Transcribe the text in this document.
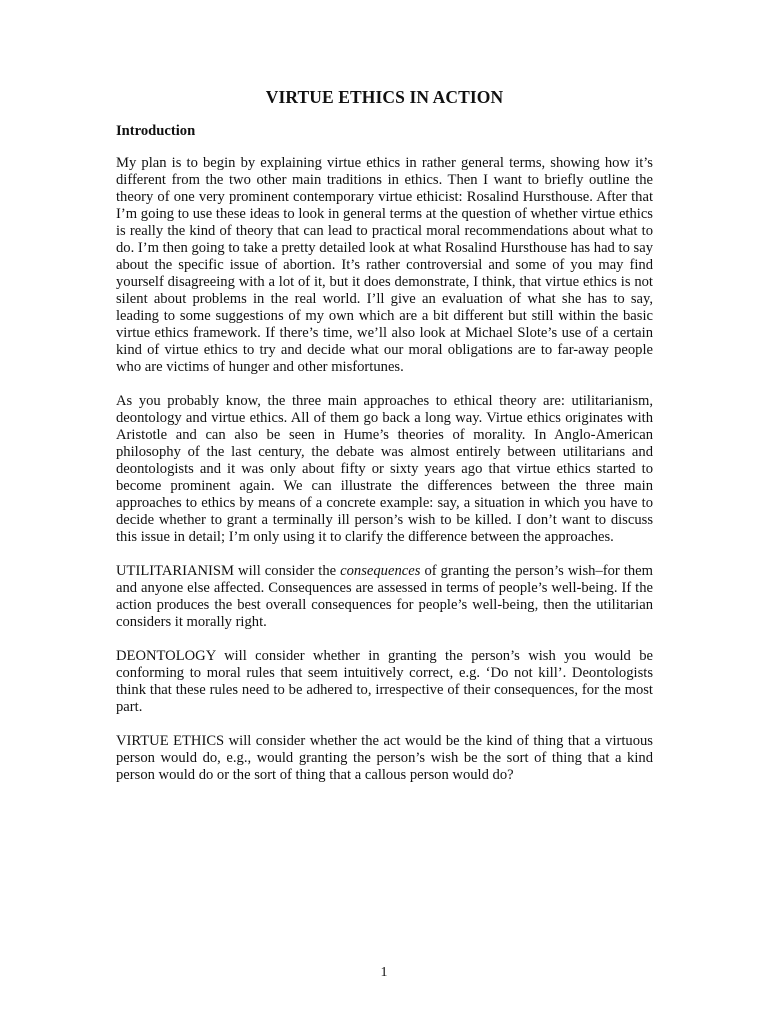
VIRTUE ETHICS IN ACTION
Introduction

My plan is to begin by explaining virtue ethics in rather general terms, showing how it’s different from the two other main traditions in ethics. Then I want to briefly outline the theory of one very prominent contemporary virtue ethicist: Rosalind Hursthouse. After that I’m going to use these ideas to look in general terms at the question of whether virtue ethics is really the kind of theory that can lead to practical moral recommendations about what to do. I’m then going to take a pretty detailed look at what Rosalind Hursthouse has had to say about the specific issue of abortion. It’s rather controversial and some of you may find yourself disagreeing with a lot of it, but it does demonstrate, I think, that virtue ethics is not silent about problems in the real world. I’ll give an evaluation of what she has to say, leading to some suggestions of my own which are a bit different but still within the basic virtue ethics framework. If there’s time, we’ll also look at Michael Slote’s use of a certain kind of virtue ethics to try and decide what our moral obligations are to far-away people who are victims of hunger and other misfortunes.

As you probably know, the three main approaches to ethical theory are: utilitarianism, deontology and virtue ethics. All of them go back a long way. Virtue ethics originates with Aristotle and can also be seen in Hume’s theories of morality. In Anglo-American philosophy of the last century, the debate was almost entirely between utilitarians and deontologists and it was only about fifty or sixty years ago that virtue ethics started to become prominent again. We can illustrate the differences between the three main approaches to ethics by means of a concrete example: say, a situation in which you have to decide whether to grant a terminally ill person’s wish to be killed. I don’t want to discuss this issue in detail; I’m only using it to clarify the difference between the approaches.

UTILITARIANISM will consider the consequences of granting the person’s wish–for them and anyone else affected. Consequences are assessed in terms of people’s well-being. If the action produces the best overall consequences for people’s well-being, then the utilitarian considers it morally right.

DEONTOLOGY will consider whether in granting the person’s wish you would be conforming to moral rules that seem intuitively correct, e.g. ‘Do not kill’. Deontologists think that these rules need to be adhered to, irrespective of their consequences, for the most part.

VIRTUE ETHICS will consider whether the act would be the kind of thing that a virtuous person would do, e.g., would granting the person’s wish be the sort of thing that a kind person would do or the sort of thing that a callous person would do?

1
